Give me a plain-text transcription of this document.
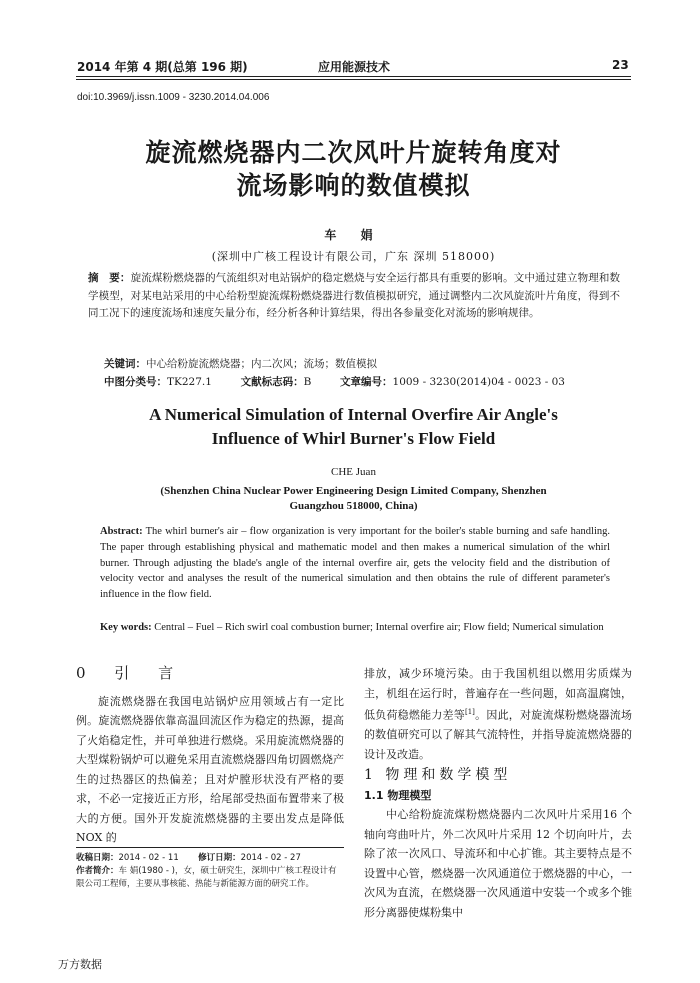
2014 年第 4 期(总第 196 期)	应用能源技术	23
doi:10.3969/j.issn.1009 - 3230.2014.04.006
旋流燃烧器内二次风叶片旋转角度对
流场影响的数值模拟
车 娟
(深圳中广核工程设计有限公司，广东 深圳 518000)
摘　要：旋流煤粉燃烧器的气流组织对电站锅炉的稳定燃烧与安全运行都具有重要的影响。文中通过建立物理和数学模型，对某电站采用的中心给粉型旋流煤粉燃烧器进行数值模拟研究，通过调整内二次风旋流叶片角度，得到不同工况下的速度流场和速度矢量分布，经分析各种计算结果，得出各参量变化对流场的影响规律。
关键词：中心给粉旋流燃烧器；内二次风；流场；数值模拟
中图分类号：TK227.1	文献标志码：B	文章编号：1009 - 3230(2014)04 - 0023 - 03
A Numerical Simulation of Internal Overfire Air Angle's
Influence of Whirl Burner's Flow Field
CHE Juan
(Shenzhen China Nuclear Power Engineering Design Limited Company, Shenzhen
Guangzhou 518000, China)
Abstract: The whirl burner's air – flow organization is very important for the boiler's stable burning and safe handling. The paper through establishing physical and mathematic model and then makes a numerical simulation of the whirl burner. Through adjusting the blade's angle of the internal overfire air, gets the velocity field and the distribution of velocity vector and analyses the result of the numerical simulation and then obtains the rule of different parameter's influence in the flow field.
Key words: Central – Fuel – Rich swirl coal combustion burner; Internal overfire air; Flow field; Numerical simulation
0 引 言

旋流燃烧器在我国电站锅炉应用领域占有一定比例。旋流燃烧器依靠高温回流区作为稳定的热源，提高了火焰稳定性，并可单独进行燃烧。采用旋流燃烧器的大型煤粉锅炉可以避免采用直流燃烧器四角切圆燃烧产生的过热器区的热偏差；且对炉膛形状没有严格的要求，不必一定接近正方形，给尾部受热面布置带来了极大的方便。国外开发旋流燃烧器的主要出发点是降低 NOX 的

收稿日期：2014 - 02 - 11 修订日期：2014 - 02 - 27
作者简介：车 娟(1980 - )，女，硕士研究生，深圳中广核工程设计有限公司工程师，主要从事核能、热能与新能源方面的研究工作。
排放，减少环境污染。由于我国机组以燃用劣质煤为主，机组在运行时，普遍存在一些问题，如高温腐蚀，低负荷稳燃能力差等[1]。因此，对旋流煤粉燃烧器流场的数值研究可以了解其气流特性，并指导旋流燃烧器的设计及改造。
1 物理和数学模型
1.1 物理模型

中心给粉旋流煤粉燃烧器内二次风叶片采用16 个轴向弯曲叶片，外二次风叶片采用 12 个切向叶片，去除了浓一次风口、导流环和中心扩锥。其主要特点是不设置中心管，燃烧器一次风通道位于燃烧器的中心，一次风为直流，在燃烧器一次风通道中安装一个或多个锥形分离器使煤粉集中

万方数据
